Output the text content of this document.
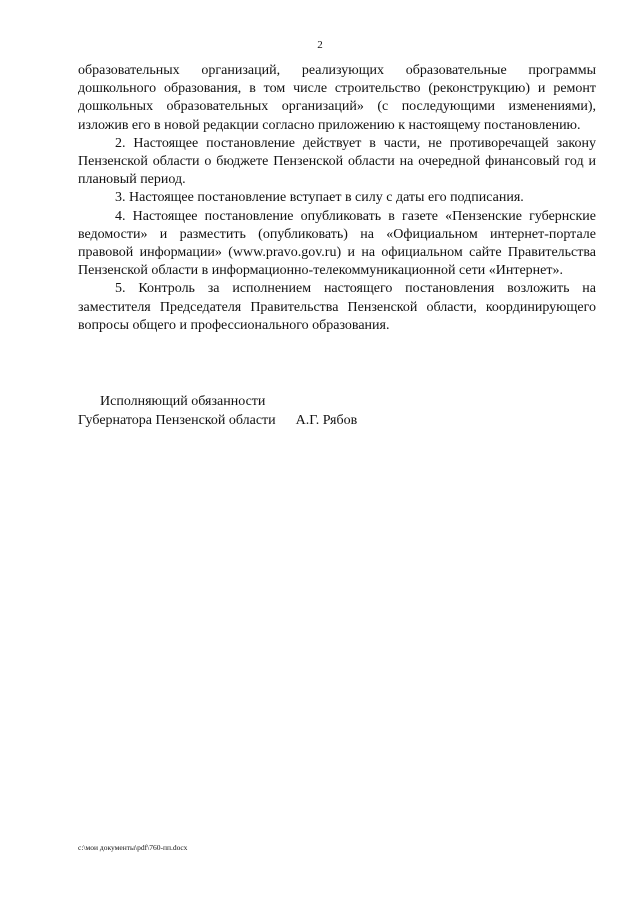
2

образовательных организаций, реализующих образовательные программы дошкольного образования, в том числе строительство (реконструкцию) и ремонт дошкольных образовательных организаций» (с последующими изменениями), изложив его в новой редакции согласно приложению к настоящему постановлению.

2. Настоящее постановление действует в части, не противоречащей закону Пензенской области о бюджете Пензенской области на очередной финансовый год и плановый период.

3. Настоящее постановление вступает в силу с даты его подписания.

4. Настоящее постановление опубликовать в газете «Пензенские губернские ведомости» и разместить (опубликовать) на «Официальном интернет-портале правовой информации» (www.pravo.gov.ru) и на официальном сайте Правительства Пензенской области в информационно-телекоммуникационной сети «Интернет».

5. Контроль за исполнением настоящего постановления возложить на заместителя Председателя Правительства Пензенской области, координирующего вопросы общего и профессионального образования.

Исполняющий обязанности
Губернатора Пензенской области А.Г. Рябов
c:\мои документы\pdf\760-пп.docx
